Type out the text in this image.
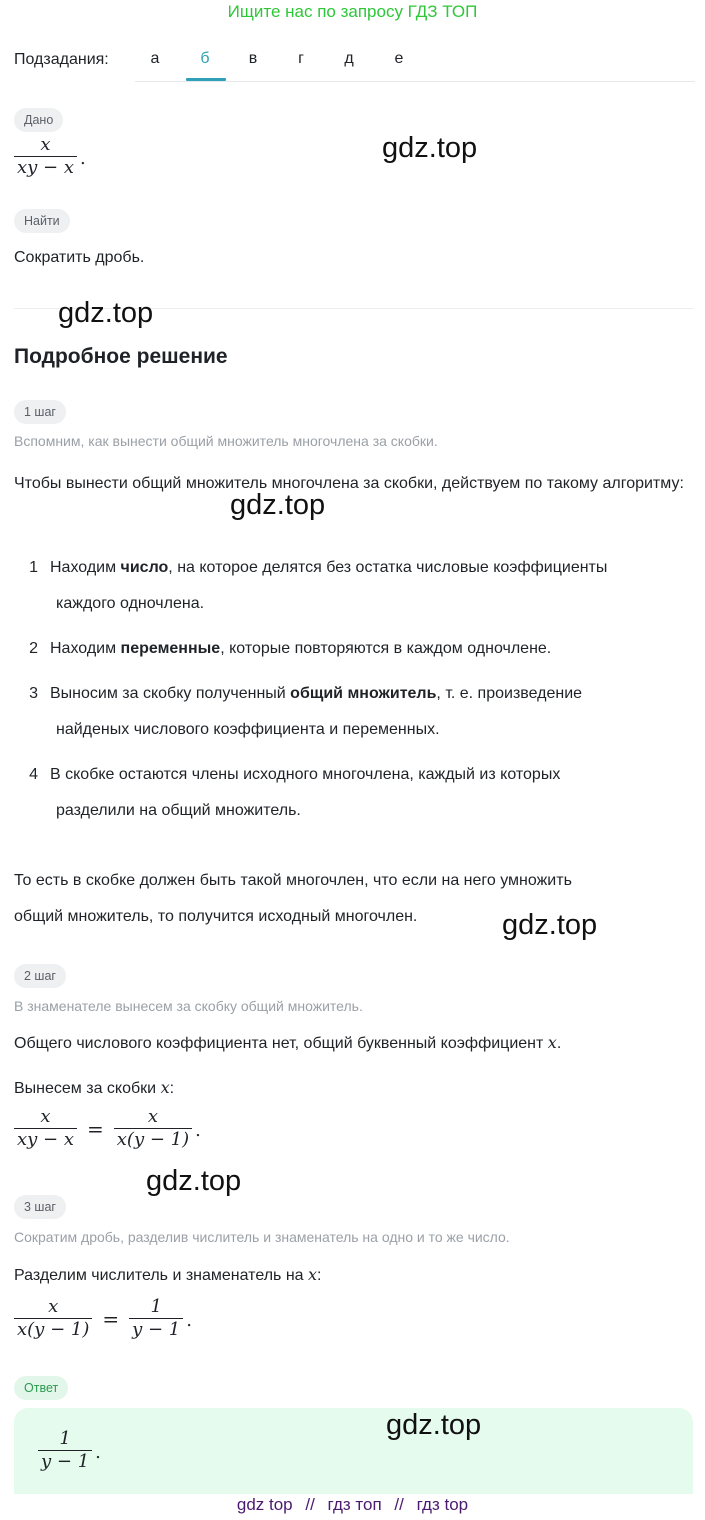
Ищите нас по запросу ГДЗ ТОП
Подзадания:	а	б	в	г	д	е
Дано
$\frac{x}{xy - x}$ .
Найти
Сократить дробь.
Подробное решение
1 шаг
Вспомним, как вынести общий множитель многочлена за скобки.
Чтобы вынести общий множитель многочлена за скобки, действуем по такому алгоритму:
1 Находим число, на которое делятся без остатка числовые коэффициенты
каждого одночлена.
2 Находим переменные, которые повторяются в каждом одночлене.
3 Выносим за скобку полученный общий множитель, т. е. произведение
найденых числового коэффициента и переменных.
4 В скобке остаются члены исходного многочлена, каждый из которых
разделили на общий множитель.
То есть в скобке должен быть такой многочлен, что если на него умножить
общий множитель, то получится исходный многочлен.
2 шаг
В знаменателе вынесем за скобку общий множитель.
Общего числового коэффициента нет, общий буквенный коэффициент x.
Вынесем за скобки x:
$\frac{x}{xy - x} = \frac{x}{x(y - 1)}$ .
3 шаг
Сократим дробь, разделив числитель и знаменатель на одно и то же число.
Разделим числитель и знаменатель на x:
$\frac{x}{x(y - 1)} = \frac{1}{y - 1}$ .
Ответ
$\frac{1}{y - 1}$ .
gdz.top
gdz.top
gdz.top
gdz.top
gdz.top
gdz.top
gdz top // гдз топ // гдз top
